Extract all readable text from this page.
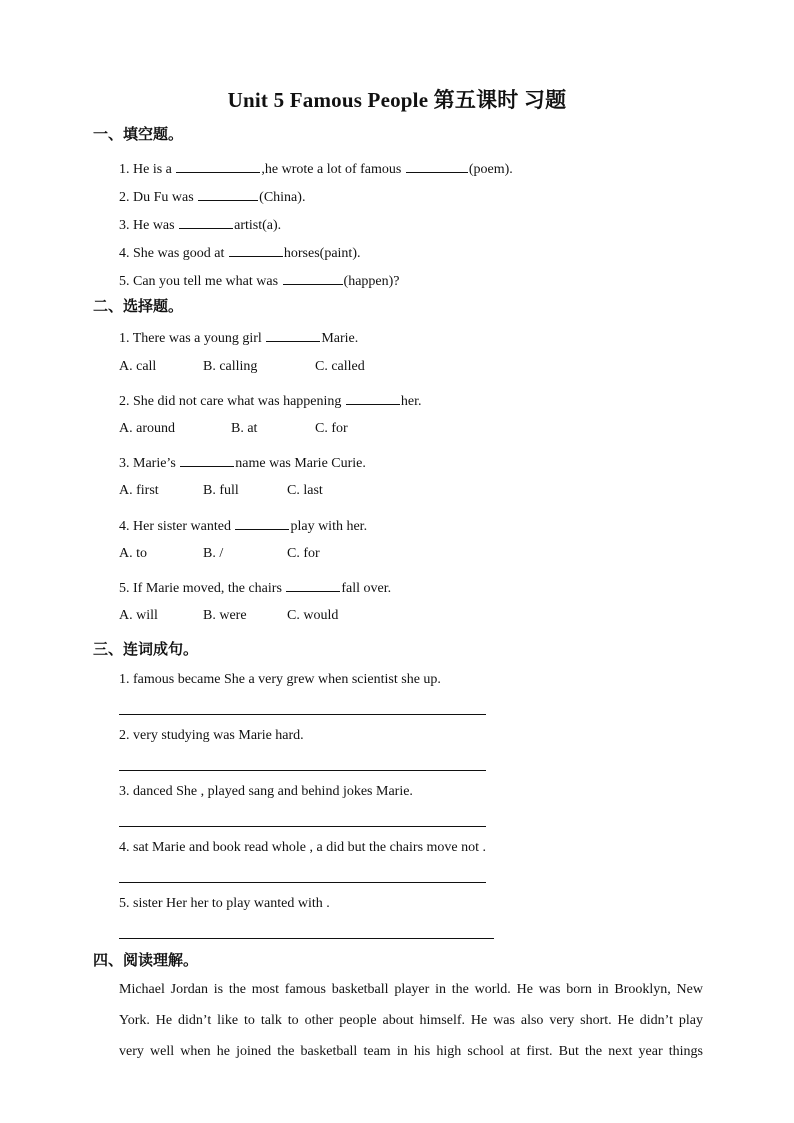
Unit 5 Famous People 第五课时 习题
一、填空题。
1. He is a	,he wrote a lot of famous	(poem).
2. Du Fu was	(China).
3. He was	artist(a).
4. She was good at	horses(paint).
5. Can you tell me what was	(happen)?
二、选择题。
1. There was a young girl	Marie.
A. call	B. calling	C. called
2. She did not care what was happening	her.
A. around	B. at	C. for
3. Marie’s	name was Marie Curie.
A. first	B. full	C. last
4. Her sister wanted	play with her.
A. to	B. /	C. for
5. If Marie moved, the chairs	fall over.
A. will	B. were	C. would
三、连词成句。
1. famous became She a very grew when scientist she up.
2. very studying was Marie hard.
3. danced She , played sang and behind jokes Marie.
4. sat Marie and book read whole , a did but the chairs move not .
5. sister Her her to play wanted with .
四、阅读理解。
Michael Jordan is the most famous basketball player in the world. He was born in Brooklyn, New
York. He didn’t like to talk to other people about himself. He was also very short. He didn’t play
very well when he joined the basketball team in his high school at first. But the next year things
